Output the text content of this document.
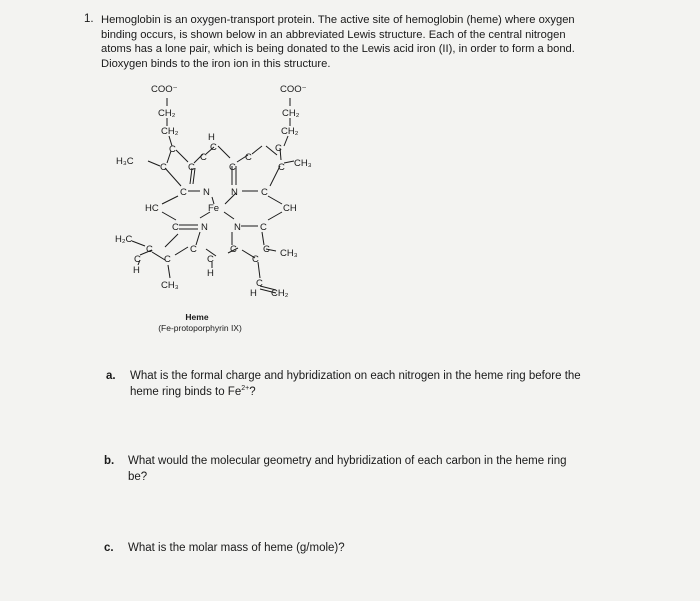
1. Hemoglobin is an oxygen-transport protein. The active site of hemoglobin (heme) where oxygen
binding occurs, is shown below in an abbreviated Lewis structure. Each of the central nitrogen
atoms has a lone pair, which is being donated to the Lewis acid iron (II), in order to form a bond.
Dioxygen binds to the iron ion in this structure.
COO⁻	COO⁻
CH₂	CH₂
CH₂	CH₂
H
C
C	C
C	C
H₃C	CH₃
C C	C	C
C N N C
HC	Fe	CH
C N	N C
H₂C
C	C	C	C CH₃
C C	C	C
H	H
C
CH₃
H CH₂
Heme
(Fe-protoporphyrin IX)
a. What is the formal charge and hybridization on each nitrogen in the heme ring before the
heme ring binds to $Fe^{2+}$?
b. What would the molecular geometry and hybridization of each carbon in the heme ring
be?
c. What is the molar mass of heme (g/mole)?
